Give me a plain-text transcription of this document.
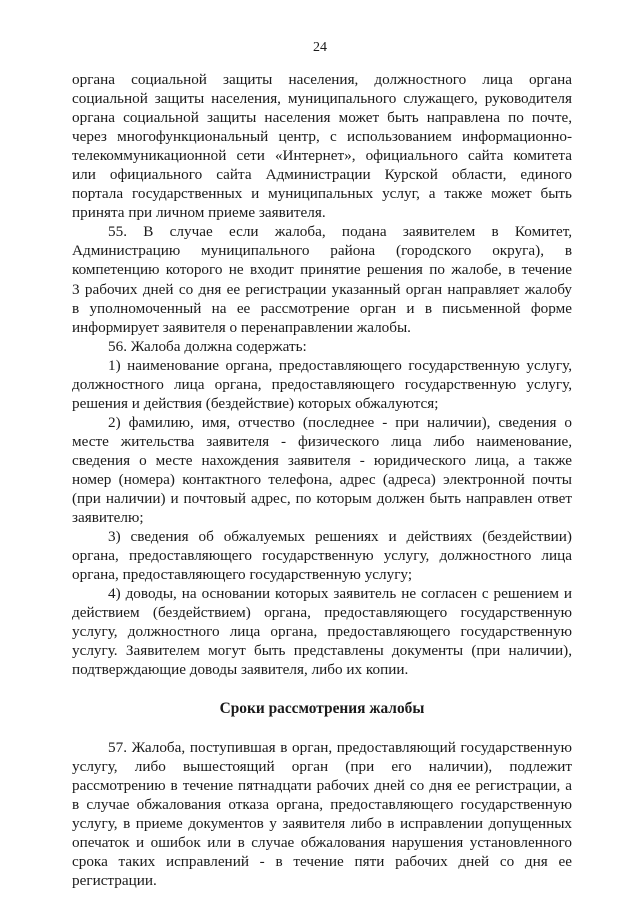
24
органа социальной защиты населения, должностного лица органа
социальной защиты населения, муниципального служащего, руководителя
органа социальной защиты населения может быть направлена по почте,
через многофункциональный центр, с использованием информационно-
телекоммуникационной сети «Интернет», официального сайта комитета
или официального сайта Администрации Курской области, единого
портала государственных и муниципальных услуг, а также может быть
принята при личном приеме заявителя.
55. В случае если жалоба, подана заявителем в Комитет,
Администрацию муниципального района (городского округа), в
компетенцию которого не входит принятие решения по жалобе, в течение
3 рабочих дней со дня ее регистрации указанный орган направляет жалобу
в уполномоченный на ее рассмотрение орган и в письменной форме
информирует заявителя о перенаправлении жалобы.
56. Жалоба должна содержать:
1) наименование органа, предоставляющего государственную услугу,
должностного лица органа, предоставляющего государственную услугу,
решения и действия (бездействие) которых обжалуются;
2) фамилию, имя, отчество (последнее - при наличии), сведения о
месте жительства заявителя - физического лица либо наименование,
сведения о месте нахождения заявителя - юридического лица, а также
номер (номера) контактного телефона, адрес (адреса) электронной почты
(при наличии) и почтовый адрес, по которым должен быть направлен ответ
заявителю;
3) сведения об обжалуемых решениях и действиях (бездействии)
органа, предоставляющего государственную услугу, должностного лица
органа, предоставляющего государственную услугу;
4) доводы, на основании которых заявитель не согласен с решением и
действием (бездействием) органа, предоставляющего государственную
услугу, должностного лица органа, предоставляющего государственную
услугу. Заявителем могут быть представлены документы (при наличии),
подтверждающие доводы заявителя, либо их копии.
Сроки рассмотрения жалобы
57. Жалоба, поступившая в орган, предоставляющий государственную
услугу, либо вышестоящий орган (при его наличии), подлежит
рассмотрению в течение пятнадцати рабочих дней со дня ее регистрации, а
в случае обжалования отказа органа, предоставляющего государственную
услугу, в приеме документов у заявителя либо в исправлении допущенных
опечаток и ошибок или в случае обжалования нарушения установленного
срока таких исправлений - в течение пяти рабочих дней со дня ее
регистрации.
